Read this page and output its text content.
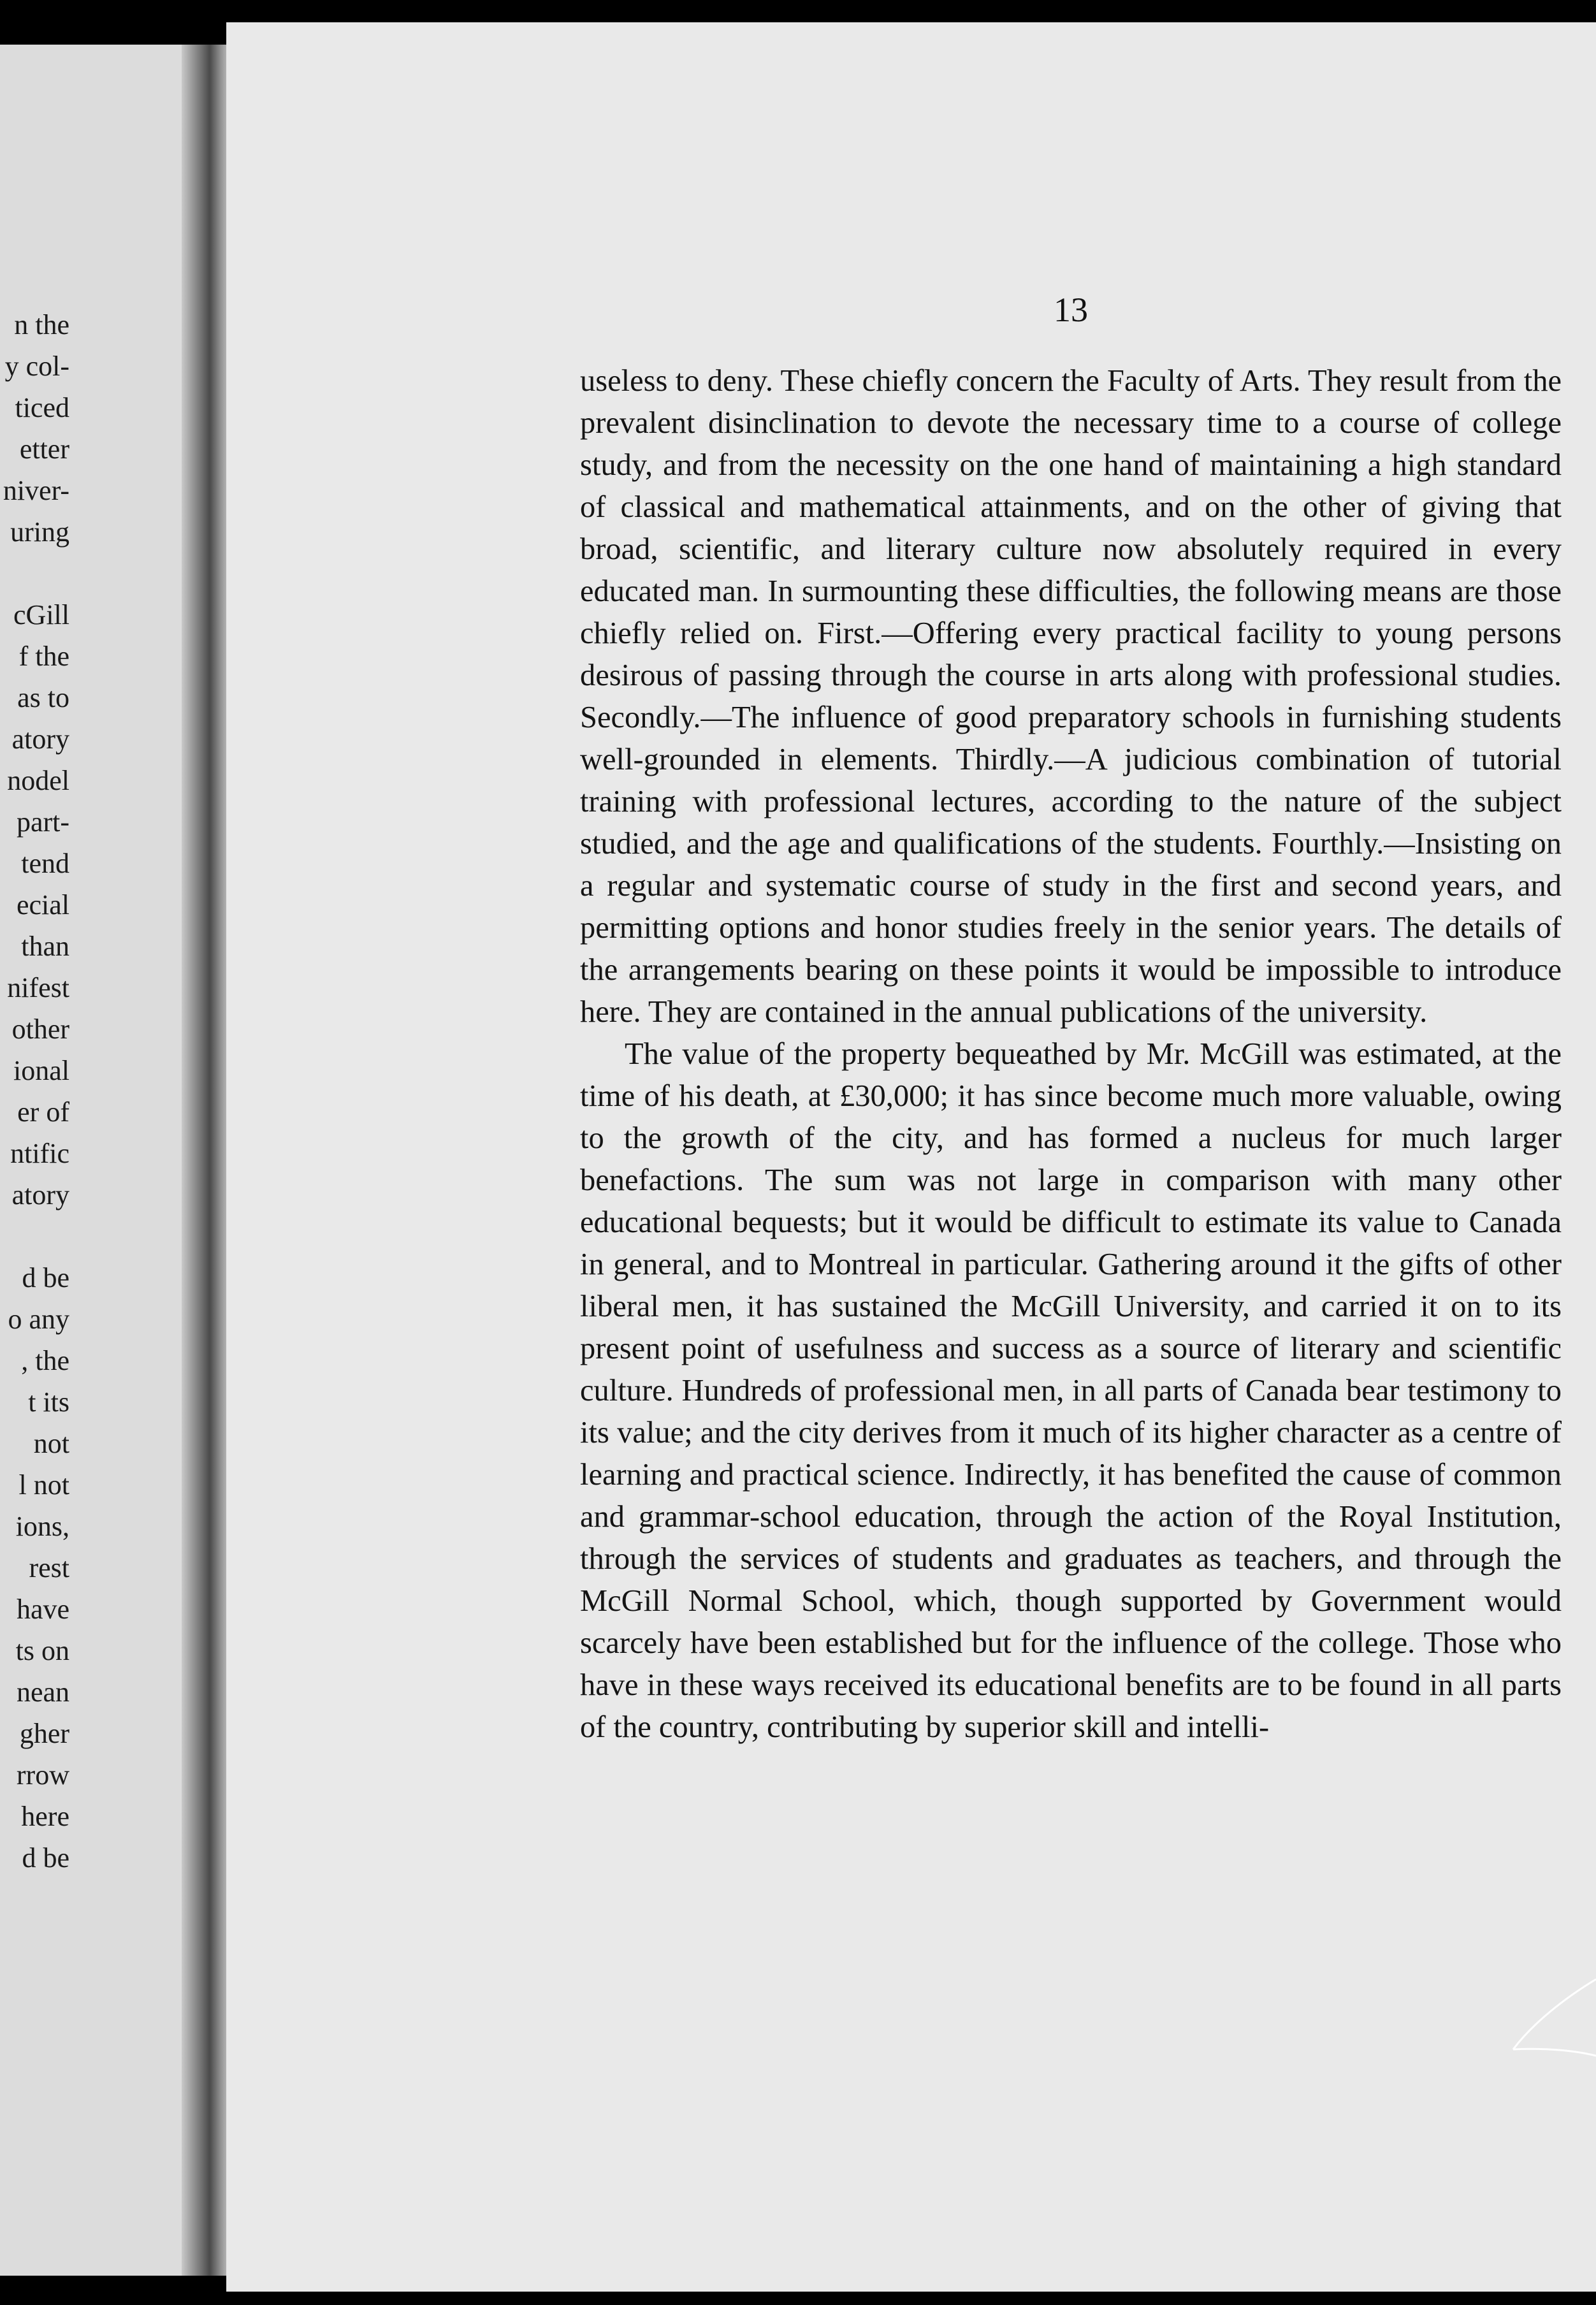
n the
y col-
ticed
etter
niver-
uring
cGill
f the
as to
atory
nodel
part-
tend
ecial
than
nifest
other
ional
er of
ntific
atory
d be
o any
, the
t its
not
l not
ions,
rest
have
ts on
nean
gher
rrow
here
d be
13

useless to deny. These chiefly concern the Faculty of Arts. They result from the prevalent disinclination to devote the necessary time to a course of college study, and from the necessity on the one hand of maintaining a high standard of classical and mathematical attainments, and on the other of giving that broad, scientific, and literary culture now absolutely required in every educated man. In surmounting these difficulties, the following means are those chiefly relied on. First.—Offering every practical facility to young persons desirous of passing through the course in arts along with professional studies. Secondly.—The influence of good preparatory schools in furnishing students well-grounded in elements. Thirdly.—A judicious combination of tutorial training with professional lectures, according to the nature of the subject studied, and the age and qualifications of the students. Fourthly.—Insisting on a regular and systematic course of study in the first and second years, and permitting options and honor studies freely in the senior years. The details of the arrangements bearing on these points it would be impossible to introduce here. They are contained in the annual publications of the university.

The value of the property bequeathed by Mr. McGill was estimated, at the time of his death, at £30,000; it has since become much more valuable, owing to the growth of the city, and has formed a nucleus for much larger benefactions. The sum was not large in comparison with many other educational bequests; but it would be difficult to estimate its value to Canada in general, and to Montreal in particular. Gathering around it the gifts of other liberal men, it has sustained the McGill University, and carried it on to its present point of usefulness and success as a source of literary and scientific culture. Hundreds of professional men, in all parts of Canada bear testimony to its value; and the city derives from it much of its higher character as a centre of learning and practical science. Indirectly, it has benefited the cause of common and grammar-school education, through the action of the Royal Institution, through the services of students and graduates as teachers, and through the McGill Normal School, which, though supported by Government would scarcely have been established but for the influence of the college. Those who have in these ways received its educational benefits are to be found in all parts of the country, contributing by superior skill and intelli-
